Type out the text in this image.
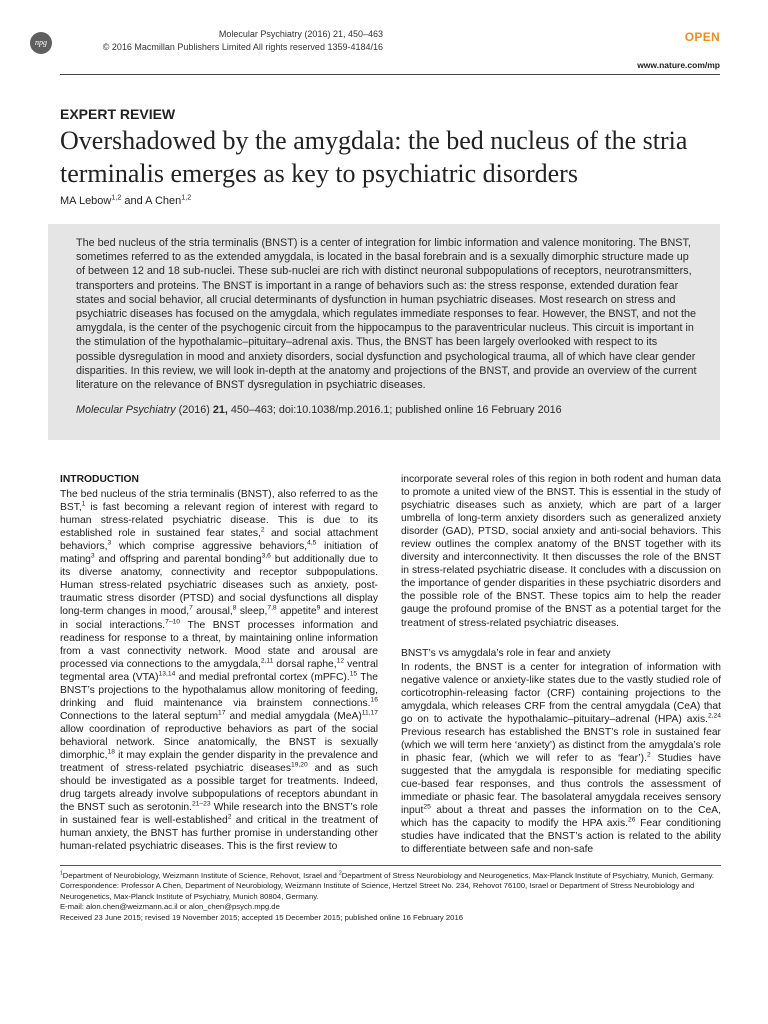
npg
Molecular Psychiatry (2016) 21, 450–463
© 2016 Macmillan Publishers Limited All rights reserved 1359-4184/16
OPEN
www.nature.com/mp
EXPERT REVIEW
Overshadowed by the amygdala: the bed nucleus of the stria terminalis emerges as key to psychiatric disorders
MA Lebow$^{1,2}$ and A Chen$^{1,2}$
The bed nucleus of the stria terminalis (BNST) is a center of integration for limbic information and valence monitoring. The BNST, sometimes referred to as the extended amygdala, is located in the basal forebrain and is a sexually dimorphic structure made up of between 12 and 18 sub-nuclei. These sub-nuclei are rich with distinct neuronal subpopulations of receptors, neurotransmitters, transporters and proteins. The BNST is important in a range of behaviors such as: the stress response, extended duration fear states and social behavior, all crucial determinants of dysfunction in human psychiatric diseases. Most research on stress and psychiatric diseases has focused on the amygdala, which regulates immediate responses to fear. However, the BNST, and not the amygdala, is the center of the psychogenic circuit from the hippocampus to the paraventricular nucleus. This circuit is important in the stimulation of the hypothalamic–pituitary–adrenal axis. Thus, the BNST has been largely overlooked with respect to its possible dysregulation in mood and anxiety disorders, social dysfunction and psychological trauma, all of which have clear gender disparities. In this review, we will look in-depth at the anatomy and projections of the BNST, and provide an overview of the current literature on the relevance of BNST dysregulation in psychiatric diseases.
Molecular Psychiatry (2016) 21, 450–463; doi:10.1038/mp.2016.1; published online 16 February 2016
INTRODUCTION

The bed nucleus of the stria terminalis (BNST), also referred to as the BST,$^1$ is fast becoming a relevant region of interest with regard to human stress-related psychiatric disease. This is due to its established role in sustained fear states,$^2$ and social attachment behaviors,$^3$ which comprise aggressive behaviors,$^{4,5}$ initiation of mating$^3$ and offspring and parental bonding$^{3,6}$ but additionally due to its diverse anatomy, connectivity and receptor subpopulations. Human stress-related psychiatric diseases such as anxiety, post-traumatic stress disorder (PTSD) and social dysfunctions all display long-term changes in mood,$^7$ arousal,$^8$ sleep,$^{7,8}$ appetite$^9$ and interest in social interactions.$^{7-10}$ The BNST processes information and readiness for response to a threat, by maintaining online information from a vast connectivity network. Mood state and arousal are processed via connections to the amygdala,$^{2,11}$ dorsal raphe,$^{12}$ ventral tegmental area (VTA)$^{13,14}$ and medial prefrontal cortex (mPFC).$^{15}$ The BNST’s projections to the hypothalamus allow monitoring of feeding, drinking and fluid maintenance via brainstem connections.$^{16}$ Connections to the lateral septum$^{17}$ and medial amygdala (MeA)$^{11,17}$ allow coordination of reproductive behaviors as part of the social behavioral network. Since anatomically, the BNST is sexually dimorphic,$^{18}$ it may explain the gender disparity in the prevalence and treatment of stress-related psychiatric diseases$^{19,20}$ and as such should be investigated as a possible target for treatments. Indeed, drug targets already involve subpopulations of receptors abundant in the BNST such as serotonin.$^{21-23}$ While research into the BNST’s role in sustained fear is well-established$^2$ and critical in the treatment of human anxiety, the BNST has further promise in understanding other human-related psychiatric diseases. This is the first review to

incorporate several roles of this region in both rodent and human data to promote a united view of the BNST. This is essential in the study of psychiatric diseases such as anxiety, which are part of a larger umbrella of long-term anxiety disorders such as generalized anxiety disorder (GAD), PTSD, social anxiety and anti-social behaviors. This review outlines the complex anatomy of the BNST together with its diversity and interconnectivity. It then discusses the role of the BNST in stress-related psychiatric disease. It concludes with a discussion on the importance of gender disparities in these psychiatric disorders and the possible role of the BNST. These topics aim to help the reader gauge the profound promise of the BNST as a potential target for the treatment of stress-related psychiatric diseases.

BNST’s vs amygdala’s role in fear and anxiety

In rodents, the BNST is a center for integration of information with negative valence or anxiety-like states due to the vastly studied role of corticotrophin-releasing factor (CRF) containing projections to the amygdala, which releases CRF from the central amygdala (CeA) that go on to activate the hypothalamic–pituitary–adrenal (HPA) axis.$^{2,24}$ Previous research has established the BNST’s role in sustained fear (which we will term here ‘anxiety’) as distinct from the amygdala’s role in phasic fear, (which we will refer to as ‘fear’).$^2$ Studies have suggested that the amygdala is responsible for mediating specific cue-based fear responses, and thus controls the assessment of immediate or phasic fear. The basolateral amygdala receives sensory input$^{25}$ about a threat and passes the information on to the CeA, which has the capacity to modify the HPA axis.$^{26}$ Fear conditioning studies have indicated that the BNST’s action is related to the ability to differentiate between safe and non-safe

$^1$Department of Neurobiology, Weizmann Institute of Science, Rehovot, Israel and $^2$Department of Stress Neurobiology and Neurogenetics, Max-Planck Institute of Psychiatry, Munich, Germany. Correspondence: Professor A Chen, Department of Neurobiology, Weizmann Institute of Science, Hertzel Street No. 234, Rehovot 76100, Israel or Department of Stress Neurobiology and Neurogenetics, Max-Planck Institute of Psychiatry, Munich 80804, Germany.

E-mail: alon.chen@weizmann.ac.il or alon_chen@psych.mpg.de

Received 23 June 2015; revised 19 November 2015; accepted 15 December 2015; published online 16 February 2016
